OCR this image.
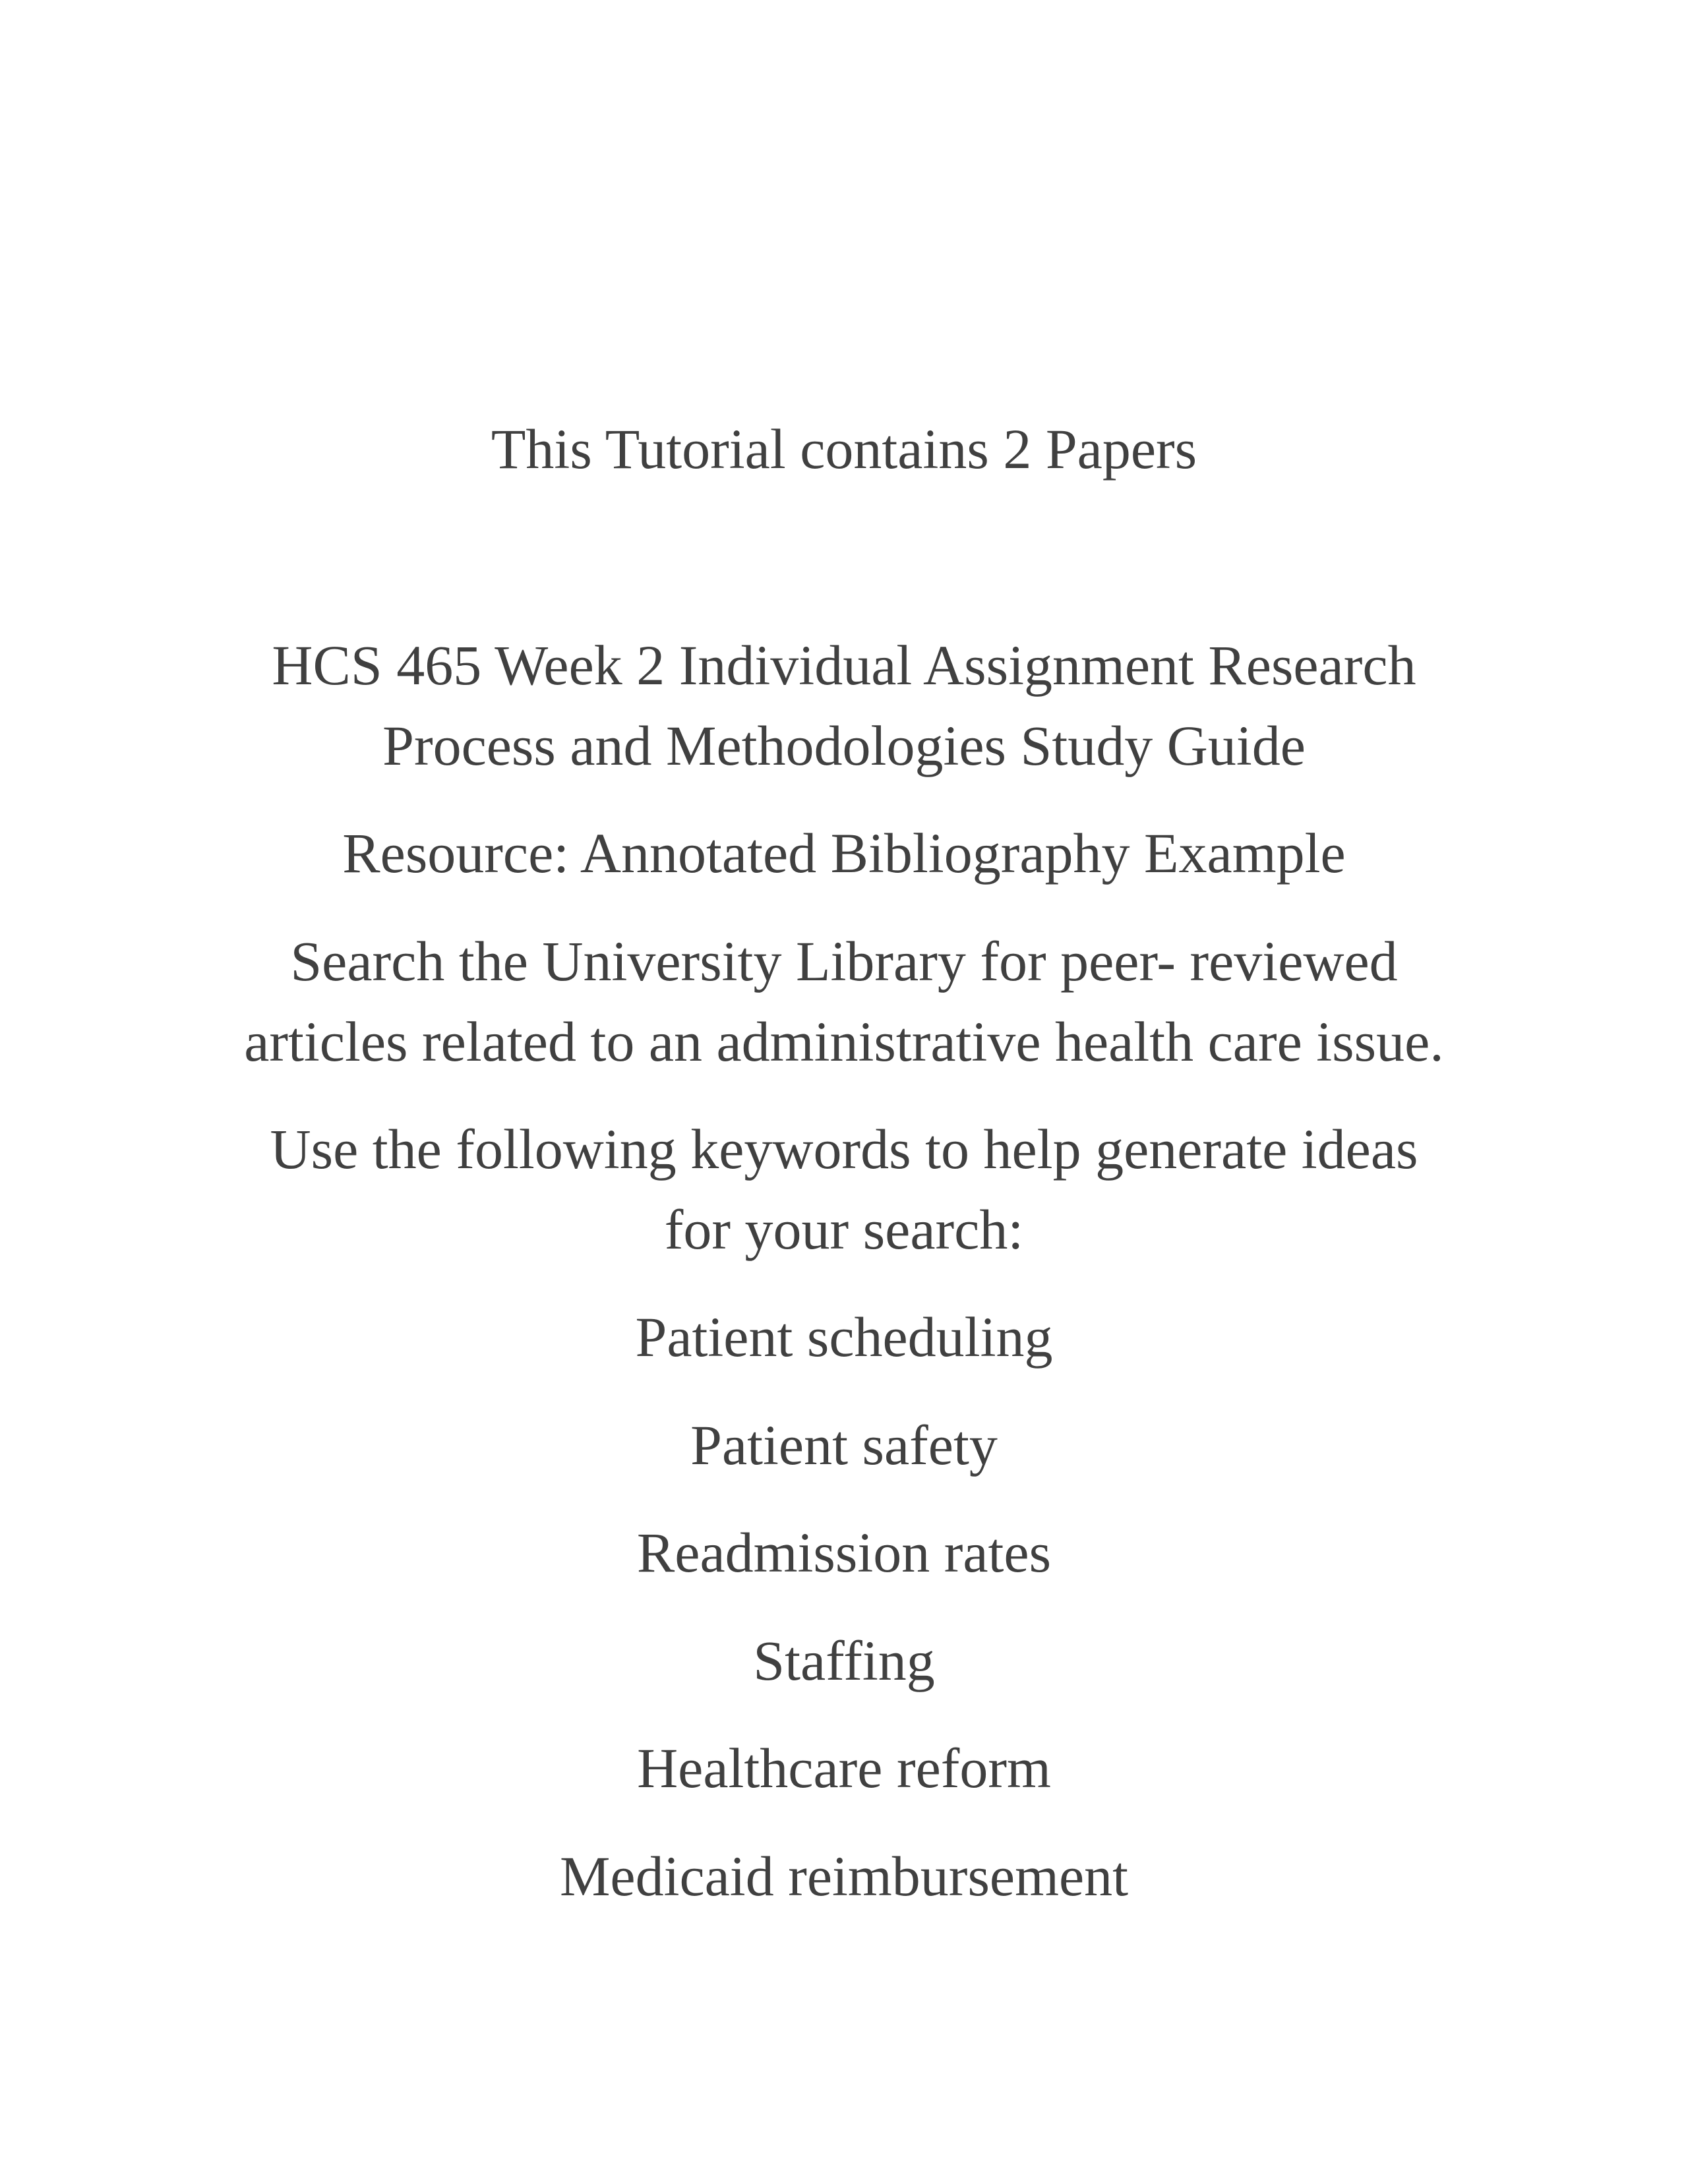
This Tutorial contains 2 Papers

HCS 465 Week 2 Individual Assignment Research

Process and Methodologies Study Guide

Resource: Annotated Bibliography Example

Search the University Library for peer- reviewed

articles related to an administrative health care issue.

Use the following keywords to help generate ideas

for your search:

Patient scheduling

Patient safety

Readmission rates

Staffing

Healthcare reform

Medicaid reimbursement
